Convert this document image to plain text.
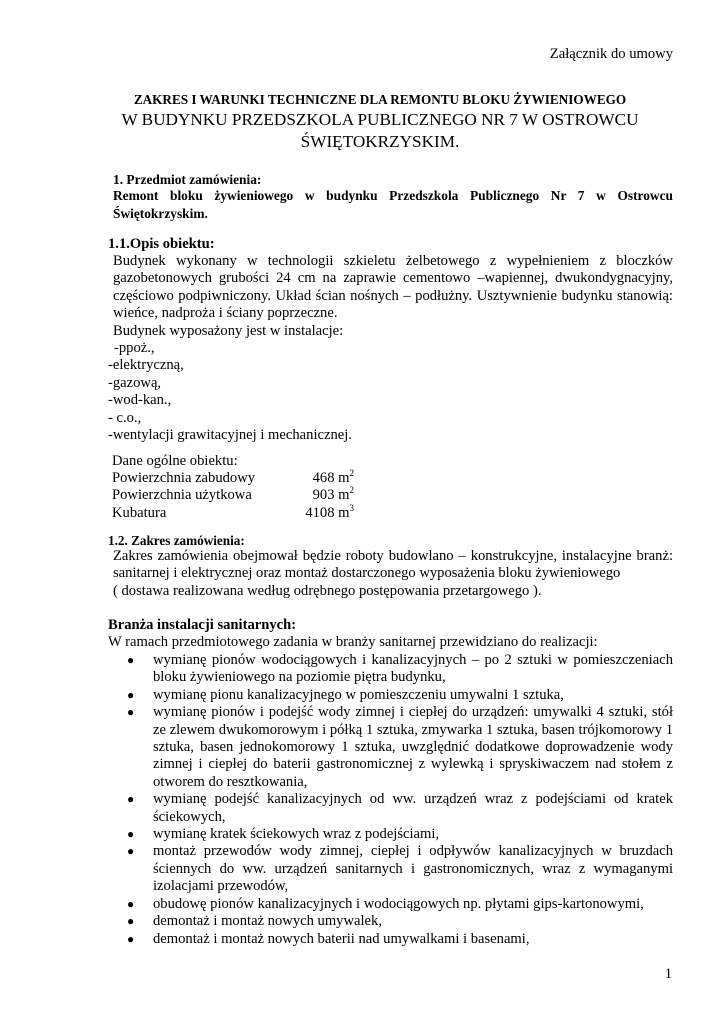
Załącznik do umowy
ZAKRES I WARUNKI TECHNICZNE DLA REMONTU BLOKU ŻYWIENIOWEGO
W BUDYNKU PRZEDSZKOLA PUBLICZNEGO NR 7 W OSTROWCU
ŚWIĘTOKRZYSKIM.
1. Przedmiot zamówienia:
Remont bloku żywieniowego w budynku Przedszkola Publicznego Nr 7 w Ostrowcu Świętokrzyskim.
1.1.Opis obiektu:
Budynek wykonany w technologii szkieletu żelbetowego z wypełnieniem z bloczków gazobetonowych grubości 24 cm na zaprawie cementowo –wapiennej, dwukondygnacyjny, częściowo podpiwniczony. Układ ścian nośnych – podłużny. Usztywnienie budynku stanowią: wieńce, nadproża i ściany poprzeczne.
Budynek wyposażony jest w instalacje:
-ppoż.,
-elektryczną,
-gazową,
-wod-kan.,
- c.o.,
-wentylacji grawitacyjnej i mechanicznej.
Dane ogólne obiektu:
Powierzchnia zabudowy	468 $m^2$
Powierzchnia użytkowa	903 $m^2$
Kubatura	4108 $m^3$
1.2. Zakres zamówienia:
Zakres zamówienia obejmował będzie roboty budowlano – konstrukcyjne, instalacyjne branż: sanitarnej i elektrycznej oraz montaż dostarczonego wyposażenia bloku żywieniowego
( dostawa realizowana według odrębnego postępowania przetargowego ).
Branża instalacji sanitarnych:
W ramach przedmiotowego zadania w branży sanitarnej przewidziano do realizacji:
● wymianę pionów wodociągowych i kanalizacyjnych – po 2 sztuki w pomieszczeniach bloku żywieniowego na poziomie piętra budynku,
● wymianę pionu kanalizacyjnego w pomieszczeniu umywalni 1 sztuka,
● wymianę pionów i podejść wody zimnej i ciepłej do urządzeń: umywalki 4 sztuki, stół ze zlewem dwukomorowym i półką 1 sztuka, zmywarka 1 sztuka, basen trójkomorowy 1 sztuka, basen jednokomorowy 1 sztuka, uwzględnić dodatkowe doprowadzenie wody zimnej i ciepłej do baterii gastronomicznej z wylewką i spryskiwaczem nad stołem z otworem do resztkowania,
● wymianę podejść kanalizacyjnych od ww. urządzeń wraz z podejściami od kratek ściekowych,
● wymianę kratek ściekowych wraz z podejściami,
● montaż przewodów wody zimnej, ciepłej i odpływów kanalizacyjnych w bruzdach ściennych do ww. urządzeń sanitarnych i gastronomicznych, wraz z wymaganymi izolacjami przewodów,
● obudowę pionów kanalizacyjnych i wodociągowych np. płytami gips-kartonowymi,
● demontaż i montaż nowych umywalek,
● demontaż i montaż nowych baterii nad umywalkami i basenami,
1
